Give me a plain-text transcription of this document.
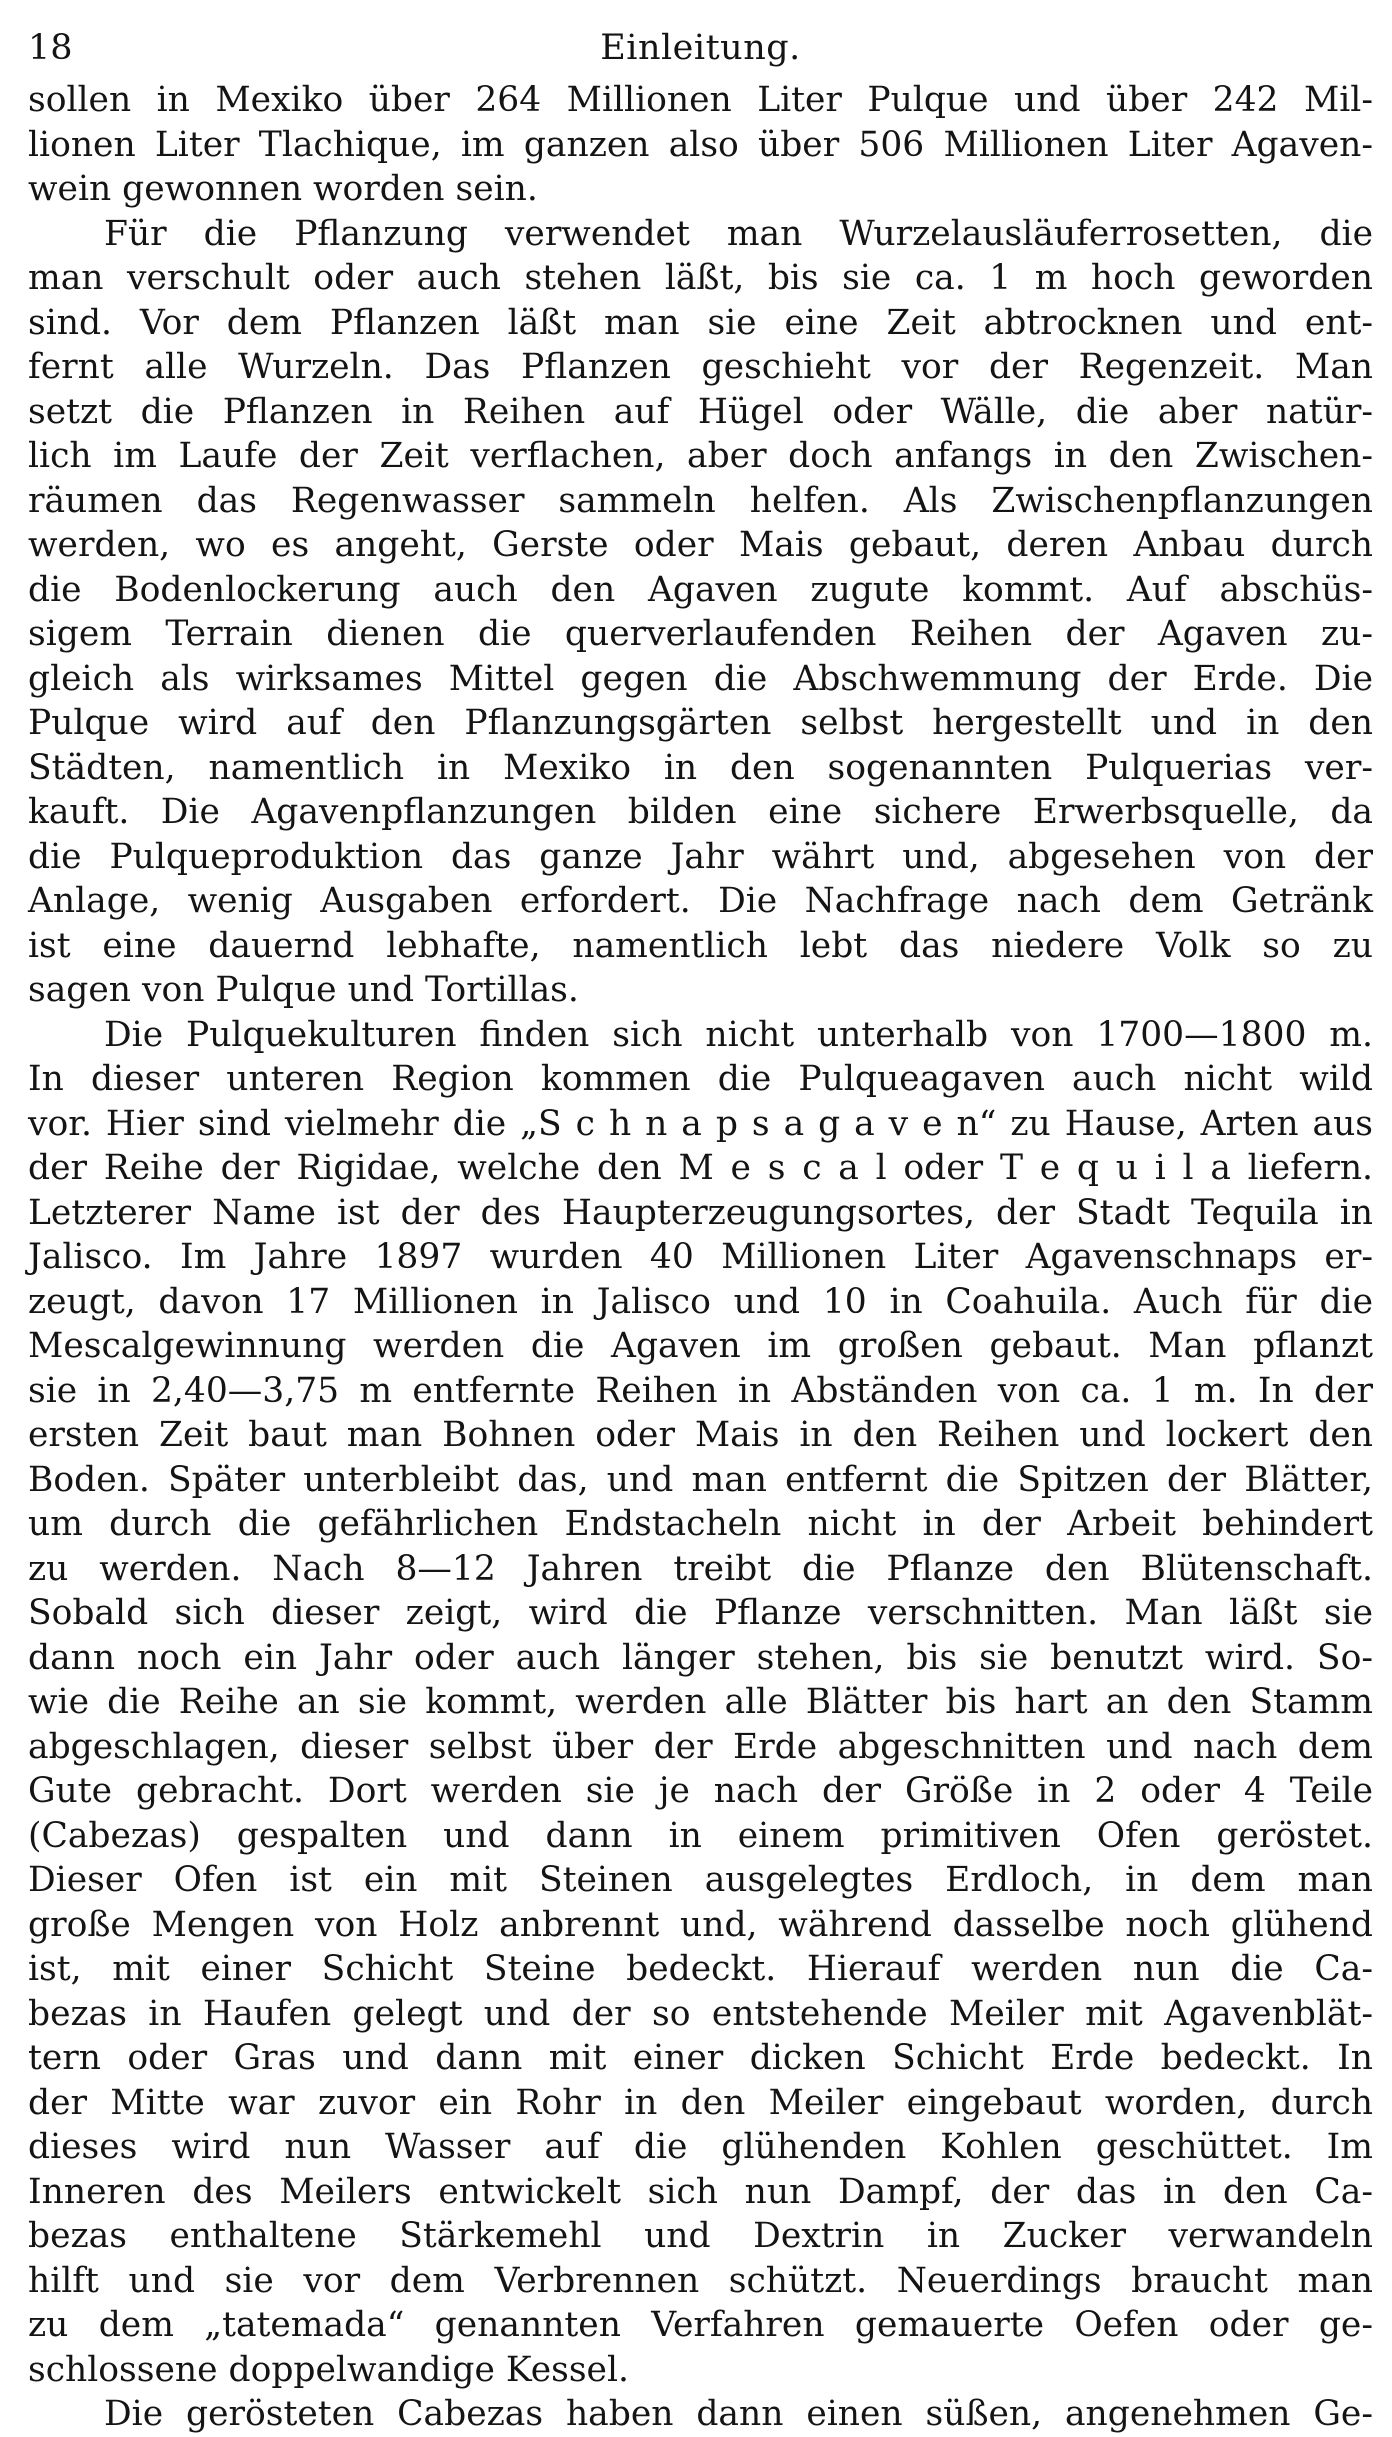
18	Einleitung.
sollen in Mexiko über 264 Millionen Liter Pulque und über 242 Mil-
lionen Liter Tlachique, im ganzen also über 506 Millionen Liter Agaven-
wein gewonnen worden sein.
Für die Pflanzung verwendet man Wurzelausläuferrosetten, die
man verschult oder auch stehen läßt, bis sie ca. 1 m hoch geworden
sind. Vor dem Pflanzen läßt man sie eine Zeit abtrocknen und ent-
fernt alle Wurzeln. Das Pflanzen geschieht vor der Regenzeit. Man
setzt die Pflanzen in Reihen auf Hügel oder Wälle, die aber natür-
lich im Laufe der Zeit verflachen, aber doch anfangs in den Zwischen-
räumen das Regenwasser sammeln helfen. Als Zwischenpflanzungen
werden, wo es angeht, Gerste oder Mais gebaut, deren Anbau durch
die Bodenlockerung auch den Agaven zugute kommt. Auf abschüs-
sigem Terrain dienen die querverlaufenden Reihen der Agaven zu-
gleich als wirksames Mittel gegen die Abschwemmung der Erde. Die
Pulque wird auf den Pflanzungsgärten selbst hergestellt und in den
Städten, namentlich in Mexiko in den sogenannten Pulquerias ver-
kauft. Die Agavenpflanzungen bilden eine sichere Erwerbsquelle, da
die Pulqueproduktion das ganze Jahr währt und, abgesehen von der
Anlage, wenig Ausgaben erfordert. Die Nachfrage nach dem Getränk
ist eine dauernd lebhafte, namentlich lebt das niedere Volk so zu
sagen von Pulque und Tortillas.
Die Pulquekulturen finden sich nicht unterhalb von 1700—1800 m.
In dieser unteren Region kommen die Pulqueagaven auch nicht wild
vor. Hier sind vielmehr die „S c h n a p s a g a v e n“ zu Hause, Arten aus
der Reihe der Rigidae, welche den M e s c a l oder T e q u i l a liefern.
Letzterer Name ist der des Haupterzeugungsortes, der Stadt Tequila in
Jalisco. Im Jahre 1897 wurden 40 Millionen Liter Agavenschnaps er-
zeugt, davon 17 Millionen in Jalisco und 10 in Coahuila. Auch für die
Mescalgewinnung werden die Agaven im großen gebaut. Man pflanzt
sie in 2,40—3,75 m entfernte Reihen in Abständen von ca. 1 m. In der
ersten Zeit baut man Bohnen oder Mais in den Reihen und lockert den
Boden. Später unterbleibt das, und man entfernt die Spitzen der Blätter,
um durch die gefährlichen Endstacheln nicht in der Arbeit behindert
zu werden. Nach 8—12 Jahren treibt die Pflanze den Blütenschaft.
Sobald sich dieser zeigt, wird die Pflanze verschnitten. Man läßt sie
dann noch ein Jahr oder auch länger stehen, bis sie benutzt wird. So-
wie die Reihe an sie kommt, werden alle Blätter bis hart an den Stamm
abgeschlagen, dieser selbst über der Erde abgeschnitten und nach dem
Gute gebracht. Dort werden sie je nach der Größe in 2 oder 4 Teile
(Cabezas) gespalten und dann in einem primitiven Ofen geröstet.
Dieser Ofen ist ein mit Steinen ausgelegtes Erdloch, in dem man
große Mengen von Holz anbrennt und, während dasselbe noch glühend
ist, mit einer Schicht Steine bedeckt. Hierauf werden nun die Ca-
bezas in Haufen gelegt und der so entstehende Meiler mit Agavenblät-
tern oder Gras und dann mit einer dicken Schicht Erde bedeckt. In
der Mitte war zuvor ein Rohr in den Meiler eingebaut worden, durch
dieses wird nun Wasser auf die glühenden Kohlen geschüttet. Im
Inneren des Meilers entwickelt sich nun Dampf, der das in den Ca-
bezas enthaltene Stärkemehl und Dextrin in Zucker verwandeln
hilft und sie vor dem Verbrennen schützt. Neuerdings braucht man
zu dem „tatemada“ genannten Verfahren gemauerte Oefen oder ge-
schlossene doppelwandige Kessel.
Die gerösteten Cabezas haben dann einen süßen, angenehmen Ge-
